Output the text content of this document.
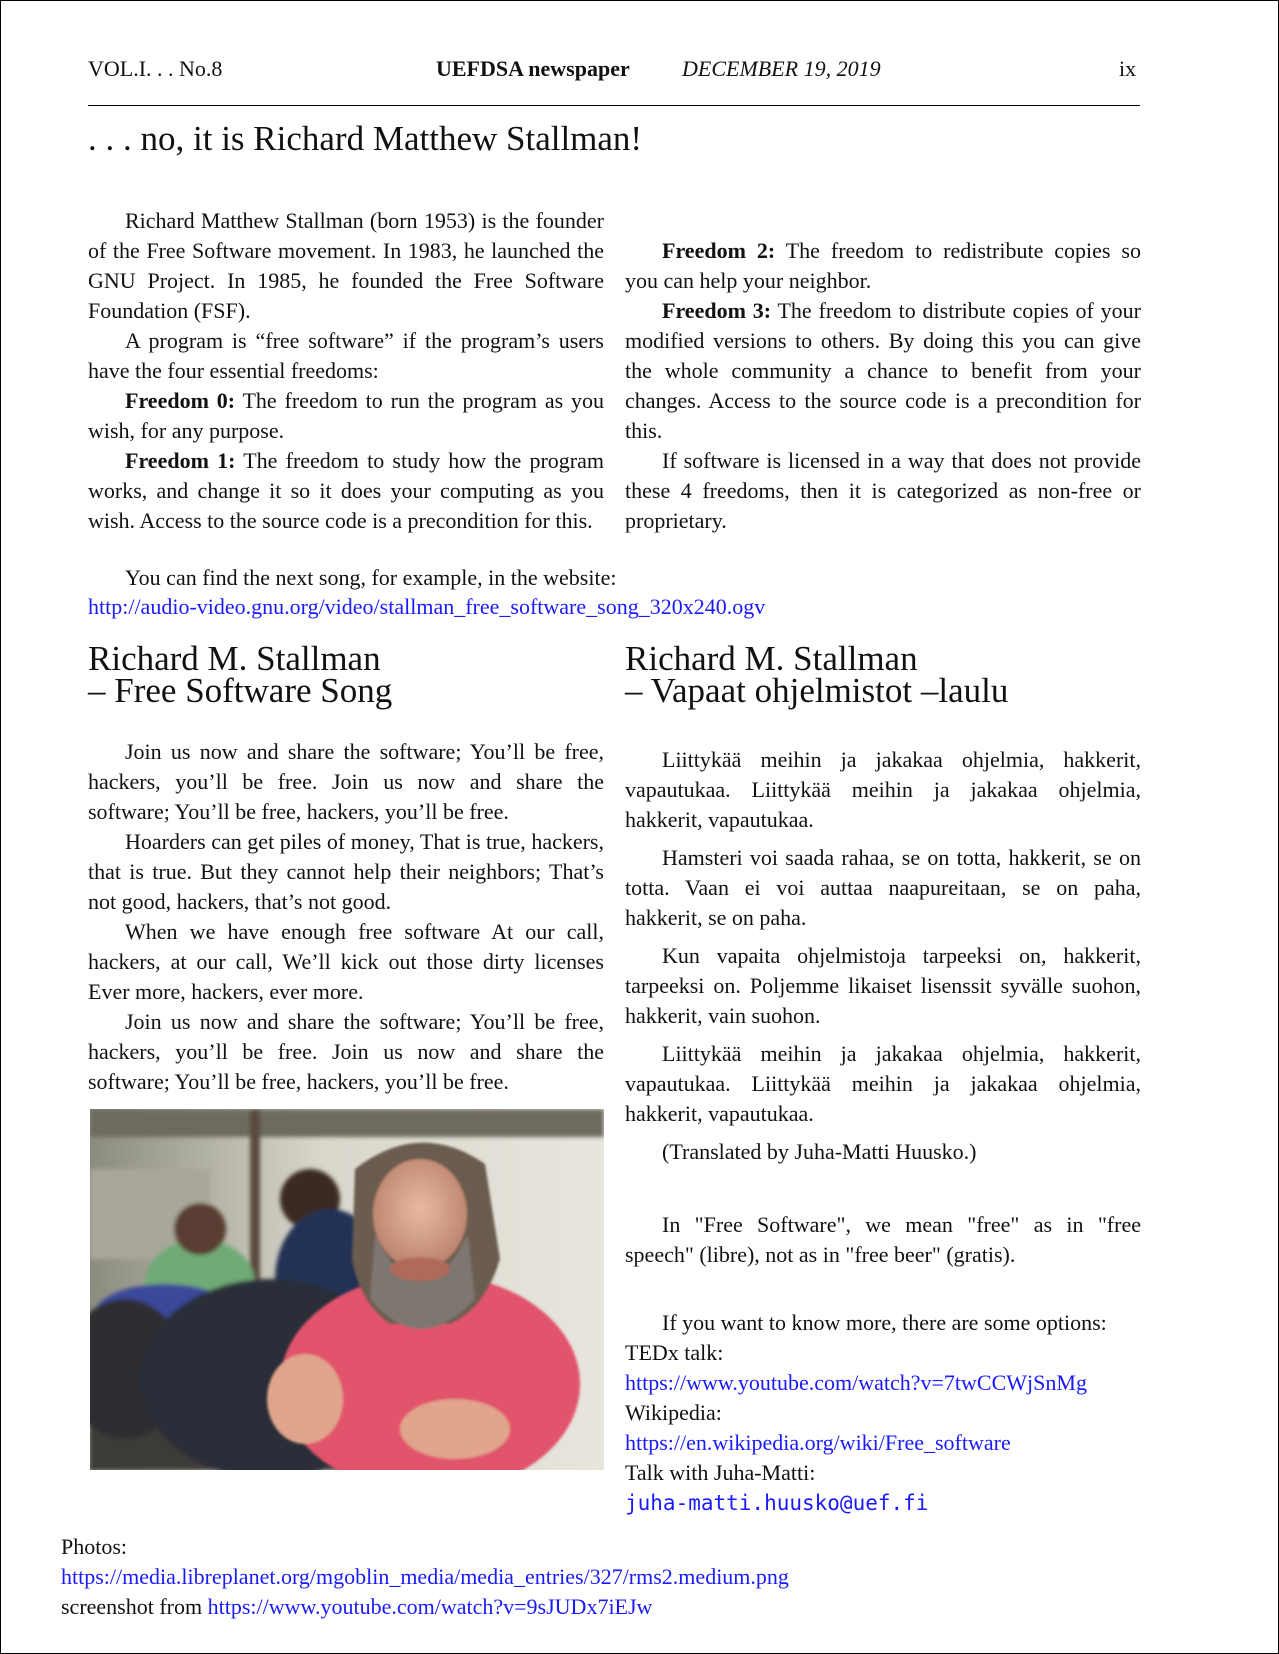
VOL.I. . . No.8	UEFDSA newspaper DECEMBER 19, 2019	ix
. . . no, it is Richard Matthew Stallman!

Richard Matthew Stallman (born 1953) is the founder of the Free Software movement. In 1983, he launched the GNU Project. In 1985, he founded the Free Software Foundation (FSF).

A program is “free software” if the program’s users have the four essential freedoms:

Freedom 0: The freedom to run the program as you wish, for any purpose.

Freedom 1: The freedom to study how the program works, and change it so it does your computing as you wish. Access to the source code is a precondition for this.

Freedom 2: The freedom to redistribute copies so you can help your neighbor.

Freedom 3: The freedom to distribute copies of your modified versions to others. By doing this you can give the whole community a chance to benefit from your changes. Access to the source code is a precondition for this.

If software is licensed in a way that does not provide these 4 freedoms, then it is categorized as non-free or proprietary.

You can find the next song, for example, in the website:
http://audio-video.gnu.org/video/stallman_free_software_song_320x240.ogv
Richard M. Stallman
– Free Software Song
Richard M. Stallman
– Vapaat ohjelmistot –laulu

Join us now and share the software; You’ll be free, hackers, you’ll be free. Join us now and share the software; You’ll be free, hackers, you’ll be free.

Hoarders can get piles of money, That is true, hackers, that is true. But they cannot help their neighbors; That’s not good, hackers, that’s not good.

When we have enough free software At our call, hackers, at our call, We’ll kick out those dirty licenses Ever more, hackers, ever more.

Join us now and share the software; You’ll be free, hackers, you’ll be free. Join us now and share the software; You’ll be free, hackers, you’ll be free.

Liittykää meihin ja jakakaa ohjelmia, hakkerit, vapautukaa. Liittykää meihin ja jakakaa ohjelmia, hakkerit, vapautukaa.

Hamsteri voi saada rahaa, se on totta, hakkerit, se on totta. Vaan ei voi auttaa naapureitaan, se on paha, hakkerit, se on paha.

Kun vapaita ohjelmistoja tarpeeksi on, hakkerit, tarpeeksi on. Poljemme likaiset lisenssit syvälle suohon, hakkerit, vain suohon.

Liittykää meihin ja jakakaa ohjelmia, hakkerit, vapautukaa. Liittykää meihin ja jakakaa ohjelmia, hakkerit, vapautukaa.

(Translated by Juha-Matti Huusko.)

In "Free Software", we mean "free" as in "free speech" (libre), not as in "free beer" (gratis).

If you want to know more, there are some options:

TEDx talk:

https://www.youtube.com/watch?v=7twCCWjSnMg

Wikipedia:

https://en.wikipedia.org/wiki/Free_software

Talk with Juha-Matti:

juha-matti.huusko@uef.fi

Photos:
https://media.libreplanet.org/mgoblin_media/media_entries/327/rms2.medium.png
screenshot from https://www.youtube.com/watch?v=9sJUDx7iEJw
